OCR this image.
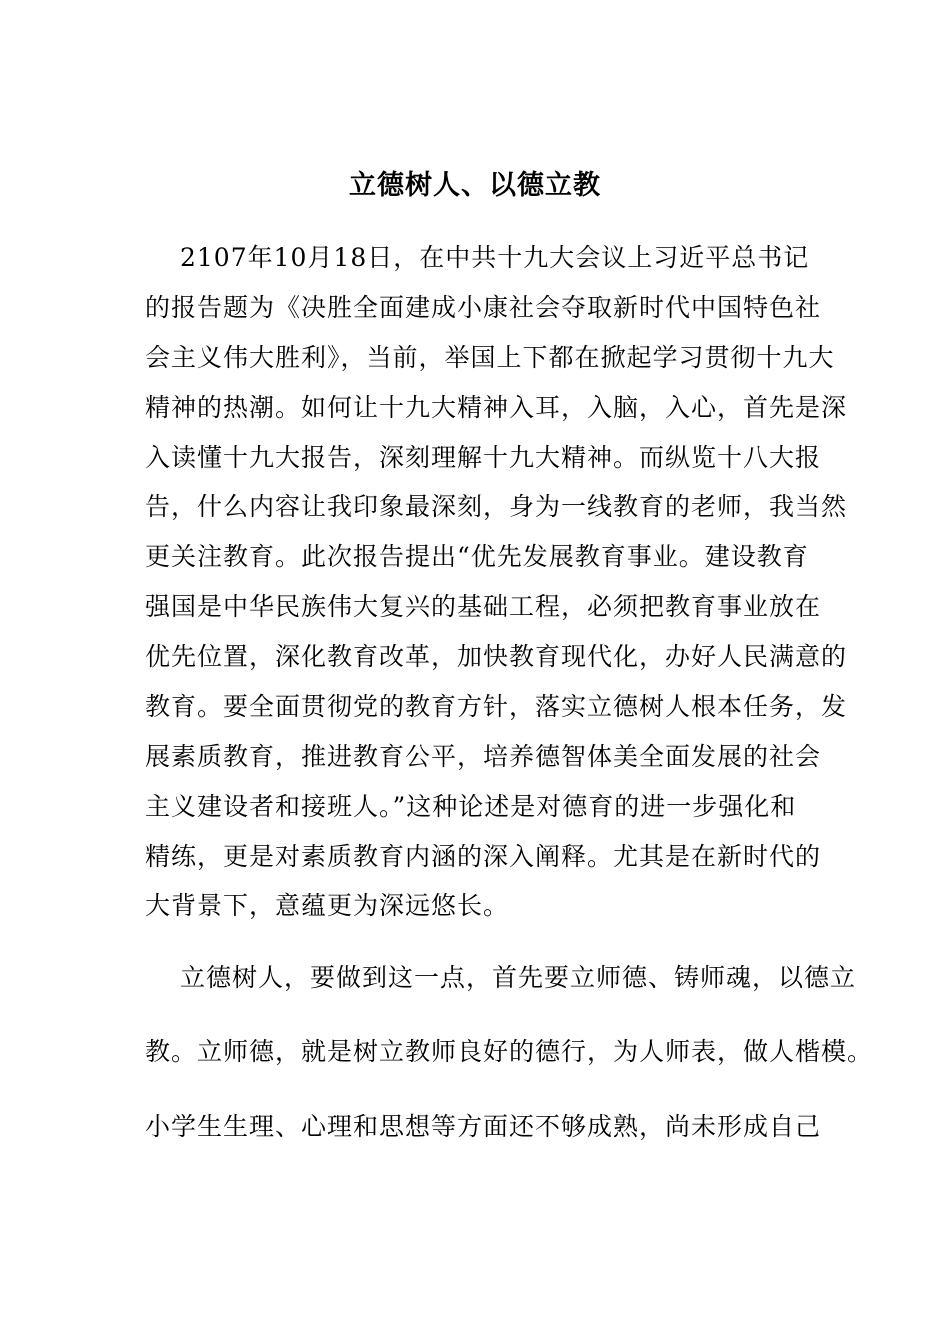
立德树人、以德立教
2107年10月18日，在中共十九大会议上习近平总书记
的报告题为《决胜全面建成小康社会夺取新时代中国特色社
会主义伟大胜利》，当前，举国上下都在掀起学习贯彻十九大
精神的热潮。如何让十九大精神入耳，入脑，入心，首先是深
入读懂十九大报告，深刻理解十九大精神。而纵览十八大报
告，什么内容让我印象最深刻，身为一线教育的老师，我当然
更关注教育。此次报告提出“优先发展教育事业。建设教育
强国是中华民族伟大复兴的基础工程，必须把教育事业放在
优先位置，深化教育改革，加快教育现代化，办好人民满意的
教育。要全面贯彻党的教育方针，落实立德树人根本任务，发
展素质教育，推进教育公平，培养德智体美全面发展的社会
主义建设者和接班人。”这种论述是对德育的进一步强化和
精练，更是对素质教育内涵的深入阐释。尤其是在新时代的
大背景下，意蕴更为深远悠长。
立德树人，要做到这一点，首先要立师德、铸师魂，以德立
教。立师德，就是树立教师良好的德行，为人师表，做人楷模。
小学生生理、心理和思想等方面还不够成熟，尚未形成自己
